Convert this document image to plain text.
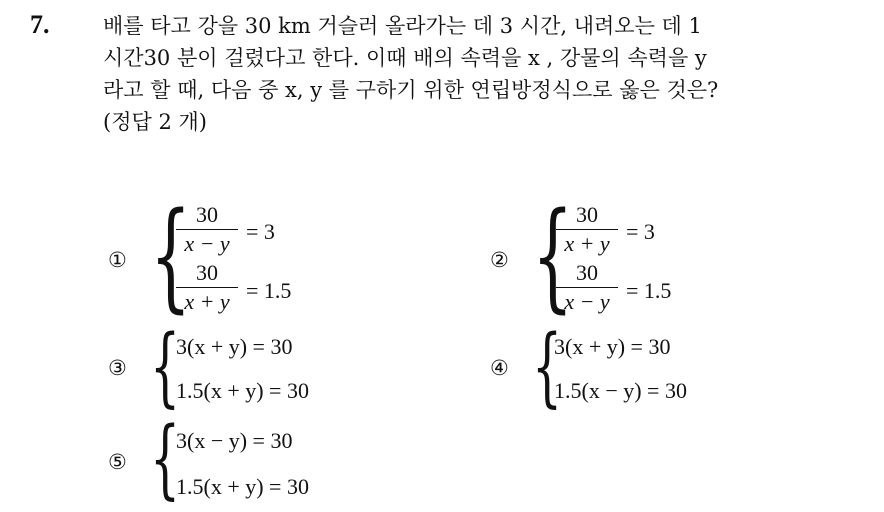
7.	배를 타고 강을 30 km 거슬러 올라가는 데 3 시간, 내려오는 데 1
시간30 분이 걸렸다고 한다. 이때 배의 속력을 x , 강물의 속력을 y
라고 할 때, 다음 중 x, y 를 구하기 위한 연립방정식으로 옳은 것은?
(정답 2 개)
① { 30
x − y = 3
30
x + y = 1.5
② { 30
x + y = 3
30
x − y = 1.5
③ {
3(x + y) = 30
1.5(x + y) = 30
④ {
3(x + y) = 30
1.5(x − y) = 30
⑤ {
3(x − y) = 30
1.5(x + y) = 30
